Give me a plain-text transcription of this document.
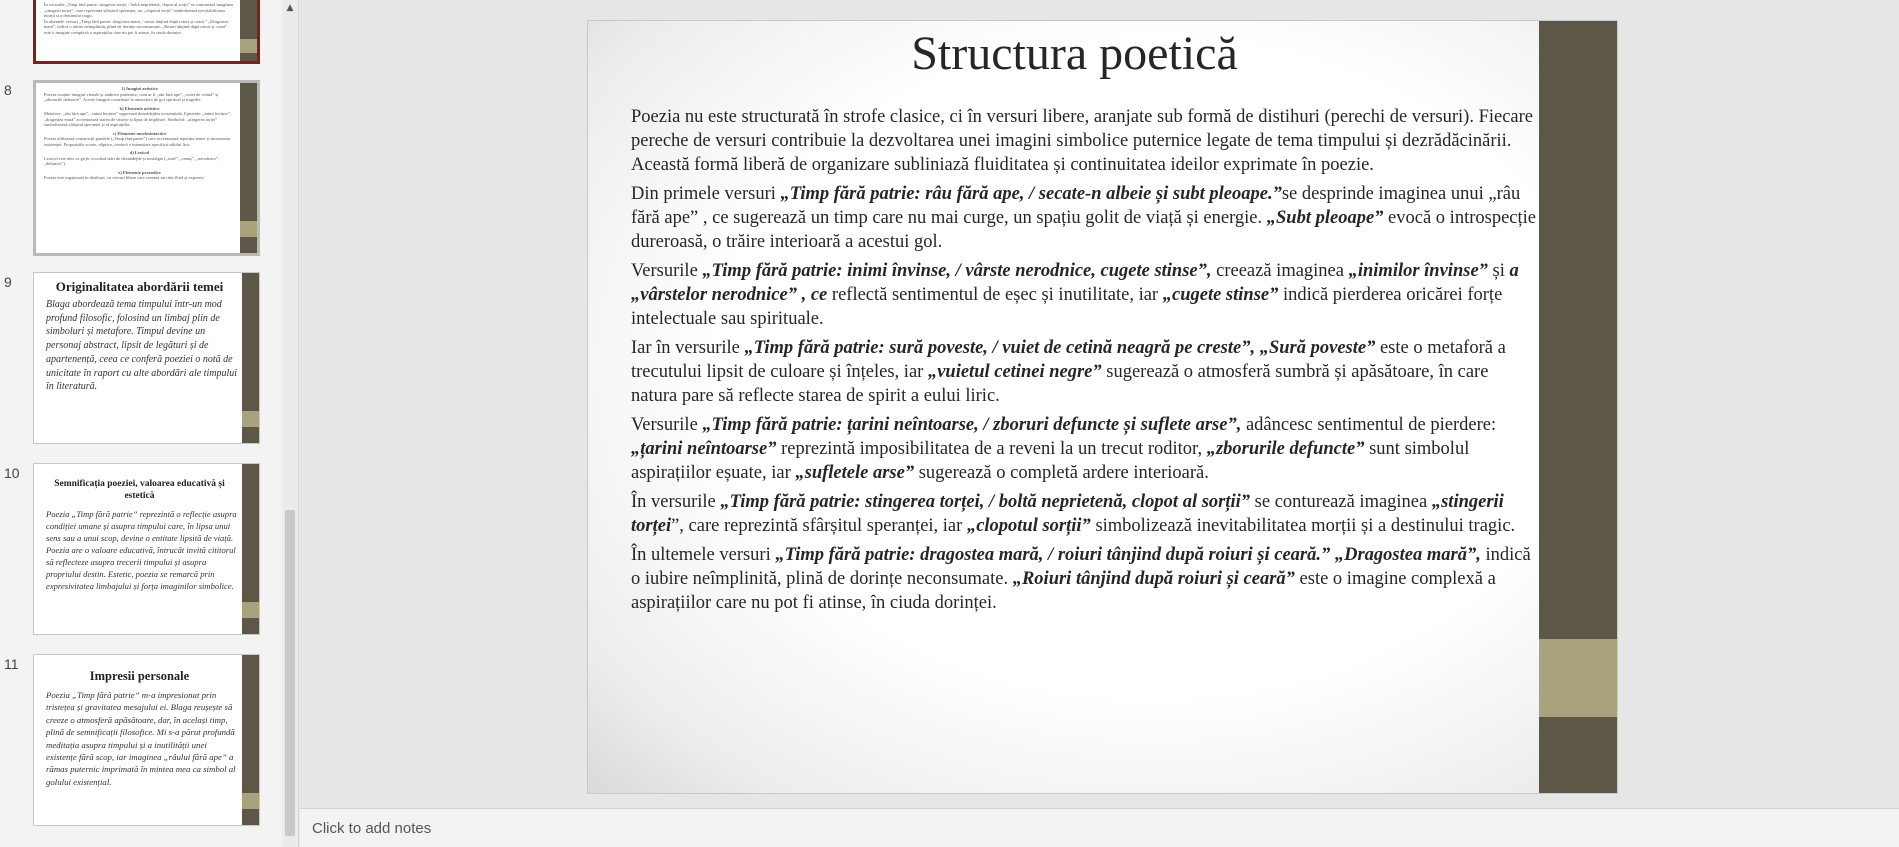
În versurile „Timp fără patrie: stingerea torței, / boltă neprietenă, clopot al sorții” se conturează imaginea „stingerii torței”, care reprezintă sfârșitul speranței, iar „clopotul sorții” simbolizează inevitabilitatea morții și a destinului tragic.
În ultemele versuri „Timp fără patrie: dragostea mară, / roiuri tânjind după roiuri și ceară.” „Dragostea mară”, indică o iubire neîmplinită, plină de dorințe neconsumate. „Roiuri tânjind după roiuri și ceară” este o imagine complexă a aspirațiilor care nu pot fi atinse, în ciuda dorinței.
8	1) Imagini artistice
Poezia conține imagini vizuale și auditive puternice, cum ar fi „râu fără ape”, „vuiet de cetină” și „zborurile defuncte”. Aceste imagini contribuie la atmosfera de gol spiritual și tragedie.
b) Elemente artistice
Metafore: „râu fără ape”, „inimi învinse” sugerează deznădejdea existențială. Epitetele: „inimi învinse”, „dragostea mară” accentuează starea de tristețe și lipsa de împlinire. Simbolul: „stingerea torței” simbolizează sfârșitul speranței și al aspirațiilor.
c) Elemente morfosintactice
Poezia utilizează construcții paralele („Timp fără patrie”) care accentuează repetiția temei și monotonia existenței. Propozițiile scurte, eliptice, conferă o intensitate specifică stilului liric.
d) Lexicul
Lexicul este ales cu grijă, evocând stări de deznădejde și nostalgie („surd”, „cenuș”, „nerodnice”, „defuncte”).
e) Elemente prozodice
Poezia este organizată în distihuri, cu versuri libere care creează un ritm fluid și expresiv.
9	Originalitatea abordării temei
Blaga abordează tema timpului într-un mod profund filosofic, folosind un limbaj plin de simboluri și metafore. Timpul devine un personaj abstract, lipsit de legături și de apartenență, ceea ce conferă poeziei o notă de unicitate în raport cu alte abordări ale timpului în literatură.
10
Semnificația poeziei, valoarea educativă și estetică
Poezia „Timp fără patrie” reprezintă o reflecție asupra condiției umane și asupra timpului care, în lipsa unui sens sau a unui scop, devine o entitate lipsită de viață. Poezia are o valoare educativă, întrucât invită cititorul să reflecteze asupra trecerii timpului și asupra propriului destin. Estetic, poezia se remarcă prin expresivitatea limbajului și forța imaginilor simbolice.
11
Impresii personale
Poezia „Timp fără patrie” m-a impresionat prin tristețea și gravitatea mesajului ei. Blaga reușește să creeze o atmosferă apăsătoare, dar, în același timp, plină de semnificații filosofice. Mi s-a părut profundă meditația asupra timpului și a inutilității unei existențe fără scop, iar imaginea „râului fără ape” a rămas puternic imprimată în mintea mea ca simbol al golului existențial.
▲
Structura poetică

Poezia nu este structurată în strofe clasice, ci în versuri libere, aranjate sub formă de distihuri (perechi de versuri). Fiecare pereche de versuri contribuie la dezvoltarea unei imagini simbolice puternice legate de tema timpului și dezrădăcinării. Această formă liberă de organizare subliniază fluiditatea și continuitatea ideilor exprimate în poezie.

Din primele versuri „Timp fără patrie: râu fără ape, / secate-n albeie și subt pleoape.”se desprinde imaginea unui „râu fără ape” , ce sugerează un timp care nu mai curge, un spațiu golit de viață și energie. „Subt pleoape” evocă o introspecție dureroasă, o trăire interioară a acestui gol.

Versurile „Timp fără patrie: inimi învinse, / vârste nerodnice, cugete stinse”, creează imaginea „inimilor învinse” și a „vârstelor nerodnice” , ce reflectă sentimentul de eșec și inutilitate, iar „cugete stinse” indică pierderea oricărei forțe intelectuale sau spirituale.

Iar în versurile „Timp fără patrie: sură poveste, / vuiet de cetină neagră pe creste”, „Sură poveste” este o metaforă a trecutului lipsit de culoare și înțeles, iar „vuietul cetinei negre” sugerează o atmosferă sumbră și apăsătoare, în care natura pare să reflecte starea de spirit a eului liric.

Versurile „Timp fără patrie: țarini neîntoarse, / zboruri defuncte și suflete arse”, adâncesc sentimentul de pierdere: „țarini neîntoarse” reprezintă imposibilitatea de a reveni la un trecut roditor, „zborurile defuncte” sunt simbolul aspirațiilor eșuate, iar „sufletele arse” sugerează o completă ardere interioară.

În versurile „Timp fără patrie: stingerea torței, / boltă neprietenă, clopot al sorții” se conturează imaginea „stingerii torței”, care reprezintă sfârșitul speranței, iar „clopotul sorții” simbolizează inevitabilitatea morții și a destinului tragic.

În ultemele versuri „Timp fără patrie: dragostea mară, / roiuri tânjind după roiuri și ceară.” „Dragostea mară”, indică o iubire neîmplinită, plină de dorințe neconsumate. „Roiuri tânjind după roiuri și ceară” este o imagine complexă a aspirațiilor care nu pot fi atinse, în ciuda dorinței.

Click to add notes
